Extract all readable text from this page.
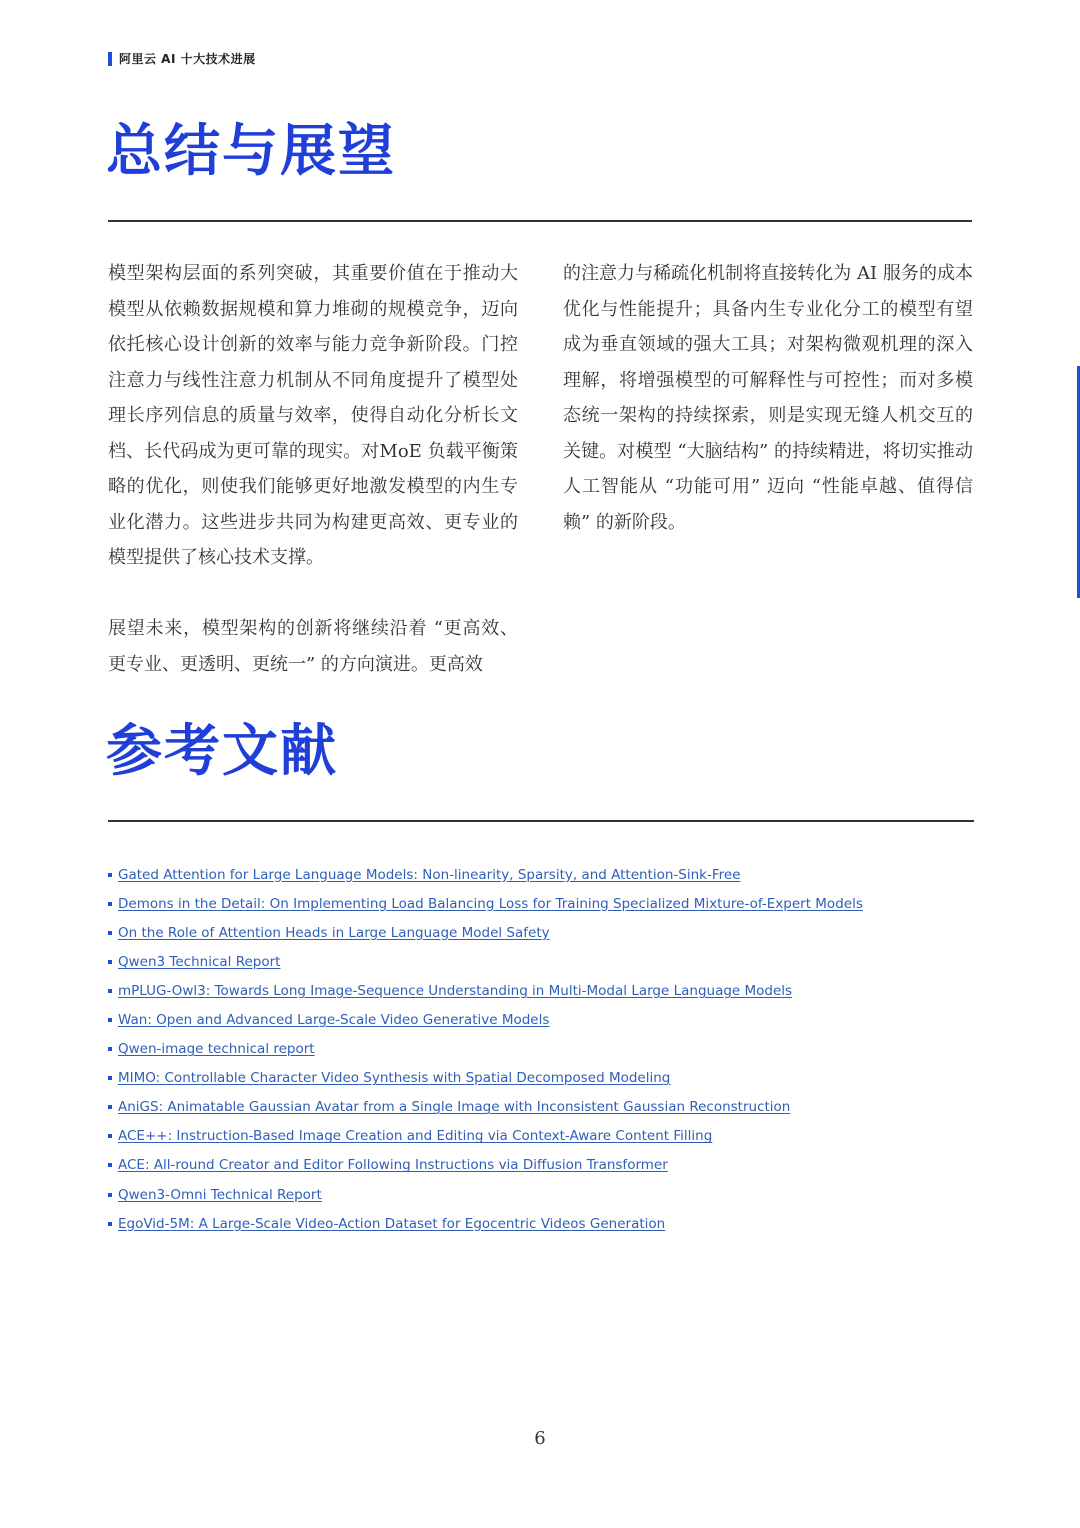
阿里云 AI 十大技术进展
总结与展望

模型架构层面的系列突破，其重要价值在于推动大模型从依赖数据规模和算力堆砌的规模竞争，迈向依托核心设计创新的效率与能力竞争新阶段。门控注意力与线性注意力机制从不同角度提升了模型处理长序列信息的质量与效率，使得自动化分析长文档、长代码成为更可靠的现实。对MoE 负载平衡策略的优化，则使我们能够更好地激发模型的内生专业化潜力。这些进步共同为构建更高效、更专业的模型提供了核心技术支撑。

展望未来，模型架构的创新将继续沿着 “更高效、更专业、更透明、更统一” 的方向演进。更高效

的注意力与稀疏化机制将直接转化为 AI 服务的成本优化与性能提升；具备内生专业化分工的模型有望成为垂直领域的强大工具；对架构微观机理的深入理解，将增强模型的可解释性与可控性；而对多模态统一架构的持续探索，则是实现无缝人机交互的关键。对模型 “大脑结构” 的持续精进，将切实推动人工智能从 “功能可用” 迈向 “性能卓越、值得信赖” 的新阶段。

参考文献
Gated Attention for Large Language Models: Non-linearity, Sparsity, and Attention-Sink-Free
Demons in the Detail: On Implementing Load Balancing Loss for Training Specialized Mixture-of-Expert Models
On the Role of Attention Heads in Large Language Model Safety
Qwen3 Technical Report
mPLUG-Owl3: Towards Long Image-Sequence Understanding in Multi-Modal Large Language Models
Wan: Open and Advanced Large-Scale Video Generative Models
Qwen-image technical report
MIMO: Controllable Character Video Synthesis with Spatial Decomposed Modeling
AniGS: Animatable Gaussian Avatar from a Single Image with Inconsistent Gaussian Reconstruction
ACE++: Instruction-Based Image Creation and Editing via Context-Aware Content Filling
ACE: All-round Creator and Editor Following Instructions via Diffusion Transformer
Qwen3-Omni Technical Report
EgoVid-5M: A Large-Scale Video-Action Dataset for Egocentric Videos Generation
6
